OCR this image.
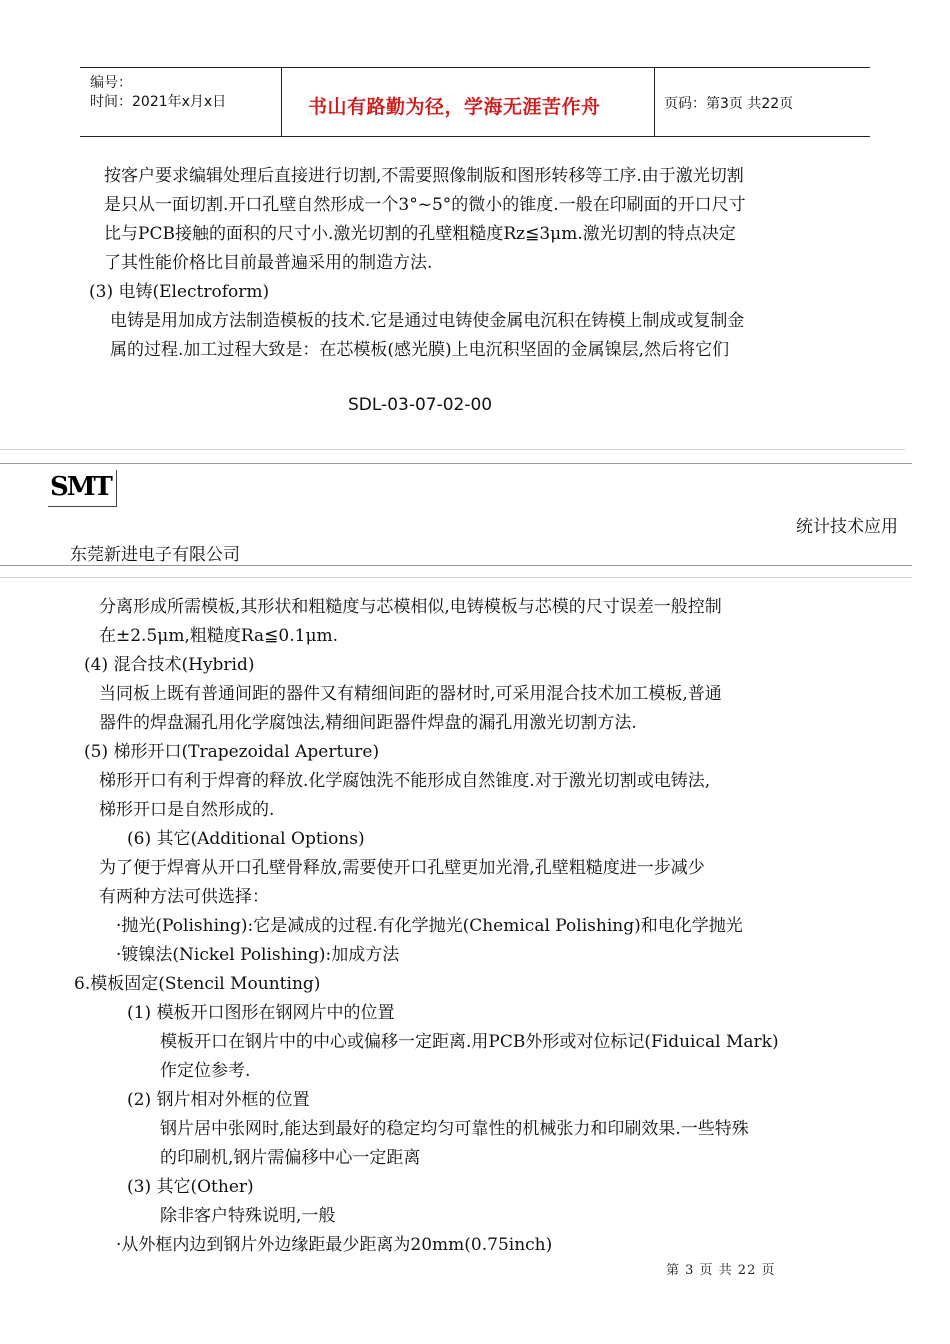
编号：
时间：2021年x月x日	书山有路勤为径，学海无涯苦作舟	页码：第3页 共22页
按客户要求编辑处理后直接进行切割,不需要照像制版和图形转移等工序.由于激光切割
是只从一面切割.开口孔壁自然形成一个3°~5°的微小的锥度.一般在印刷面的开口尺寸
比与PCB接触的面积的尺寸小.激光切割的孔壁粗糙度Rz≦3μm.激光切割的特点决定
了其性能价格比目前最普遍采用的制造方法.
(3) 电铸(Electroform)
电铸是用加成方法制造模板的技术.它是通过电铸使金属电沉积在铸模上制成或复制金
属的过程.加工过程大致是：在芯模板(感光膜)上电沉积坚固的金属镍层,然后将它们
SDL-03-07-02-00
SMT
统计技术应用
东莞新进电子有限公司
分离形成所需模板,其形状和粗糙度与芯模相似,电铸模板与芯模的尺寸误差一般控制
在±2.5μm,粗糙度Ra≦0.1μm.
(4) 混合技术(Hybrid)
当同板上既有普通间距的器件又有精细间距的器材时,可采用混合技术加工模板,普通
器件的焊盘漏孔用化学腐蚀法,精细间距器件焊盘的漏孔用激光切割方法.
(5) 梯形开口(Trapezoidal Aperture)
梯形开口有利于焊膏的释放.化学腐蚀洗不能形成自然锥度.对于激光切割或电铸法,
梯形开口是自然形成的.
(6) 其它(Additional Options)
为了便于焊膏从开口孔壁骨释放,需要使开口孔壁更加光滑,孔壁粗糙度进一步减少
有两种方法可供选择：
·抛光(Polishing):它是减成的过程.有化学抛光(Chemical Polishing)和电化学抛光
·镀镍法(Nickel Polishing):加成方法
6.模板固定(Stencil Mounting)
(1) 模板开口图形在钢网片中的位置
模板开口在钢片中的中心或偏移一定距离.用PCB外形或对位标记(Fiduical Mark)
作定位参考.
(2) 钢片相对外框的位置
钢片居中张网时,能达到最好的稳定均匀可靠性的机械张力和印刷效果.一些特殊
的印刷机,钢片需偏移中心一定距离
(3) 其它(Other)
除非客户特殊说明,一般
·从外框内边到钢片外边缘距最少距离为20mm(0.75inch)
第 3 页 共 22 页
